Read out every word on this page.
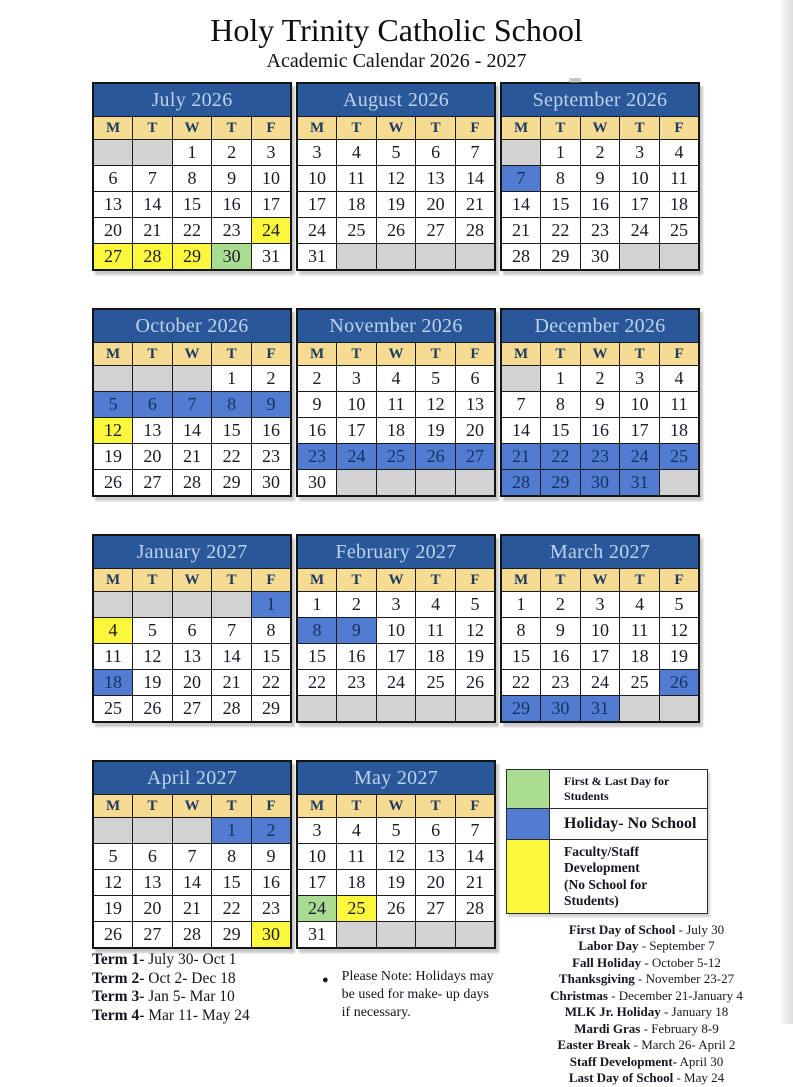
Holy Trinity Catholic School
Academic Calendar 2026 - 2027
July 2026				
M	T	W	T	F
		1	2	3
6	7	8	9	10
13	14	15	16	17
20	21	22	23	24
27	28	29	30	31
August 2026				
M	T	W	T	F
3	4	5	6	7
10	11	12	13	14
17	18	19	20	21
24	25	26	27	28
31				
September 2026				
M	T	W	T	F
	1	2	3	4
7	8	9	10	11
14	15	16	17	18
21	22	23	24	25
28	29	30		
October 2026				
M	T	W	T	F
			1	2
5	6	7	8	9
12	13	14	15	16
19	20	21	22	23
26	27	28	29	30
November 2026				
M	T	W	T	F
2	3	4	5	6
9	10	11	12	13
16	17	18	19	20
23	24	25	26	27
30				
December 2026				
M	T	W	T	F
	1	2	3	4
7	8	9	10	11
14	15	16	17	18
21	22	23	24	25
28	29	30	31	
January 2027				
M	T	W	T	F
				1
4	5	6	7	8
11	12	13	14	15
18	19	20	21	22
25	26	27	28	29
February 2027				
M	T	W	T	F
1	2	3	4	5
8	9	10	11	12
15	16	17	18	19
22	23	24	25	26

March 2027				
M	T	W	T	F
1	2	3	4	5
8	9	10	11	12
15	16	17	18	19
22	23	24	25	26
29	30	31		
April 2027				
M	T	W	T	F
			1	2
5	6	7	8	9
12	13	14	15	16
19	20	21	22	23
26	27	28	29	30
Term 1- July 30- Oct 1
Term 2- Oct 2- Dec 18
Term 3- Jan 5- Mar 10
Term 4- Mar 11- May 24
May 2027				
M	T	W	T	F
3	4	5	6	7
10	11	12	13	14
17	18	19	20	21
24	25	26	27	28
31				
● Please Note: Holidays may be used for make- up days if necessary.
First & Last Day for Students
Holiday- No School
Faculty/Staff Development
(No School for Students)
First Day of School - July 30
Labor Day - September 7
Fall Holiday - October 5-12
Thanksgiving - November 23-27
Christmas - December 21-January 4
MLK Jr. Holiday - January 18
Mardi Gras - February 8-9
Easter Break - March 26- April 2
Staff Development- April 30
Last Day of School - May 24
